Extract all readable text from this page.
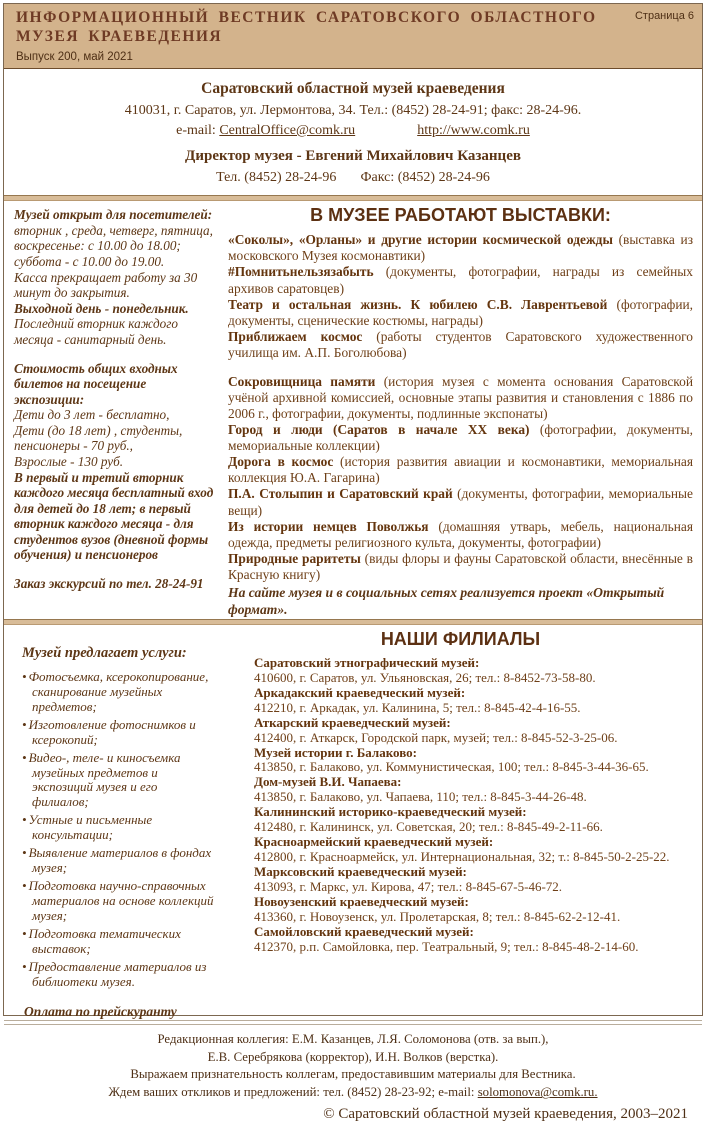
ИНФОРМАЦИОННЫЙ ВЕСТНИК САРАТОВСКОГО ОБЛАСТНОГО МУЗЕЯ КРАЕВЕДЕНИЯ
Страница 6
Выпуск 200, май 2021
Саратовский областной музей краеведения
410031, г. Саратов, ул. Лермонтова, 34. Тел.: (8452) 28-24-91; факс: 28-24-96.
e-mail: CentralOffice@comk.ru	http://www.comk.ru
Директор музея - Евгений Михайлович Казанцев
Тел. (8452) 28-24-96 Факс: (8452) 28-24-96

Музей открыт для посетителей:

вторник , среда, четверг, пятница, воскресенье: с 10.00 до 18.00; суббота - с 10.00 до 19.00.

Касса прекращает работу за 30 минут до закрытия.

Выходной день - понедельник.

Последний вторник каждого месяца - санитарный день.

Стоимость общих входных билетов на посещение экспозиции:

Дети до 3 лет - бесплатно,

Дети (до 18 лет) , студенты, пенсионеры - 70 руб.,

Взрослые - 130 руб.

В первый и третий вторник каждого месяца бесплатный вход для детей до 18 лет; в первый вторник каждого месяца - для студентов вузов (дневной формы обучения) и пенсионеров

Заказ экскурсий по тел. 28-24-91

В МУЗЕЕ РАБОТАЮТ ВЫСТАВКИ:

«Соколы», «Орланы» и другие истории космической одежды (выставка из московского Музея космонавтики)

#Помнитьнельзязабыть (документы, фотографии, награды из семейных архивов саратовцев)

Театр и остальная жизнь. К юбилею С.В. Лаврентьевой (фотографии, документы, сценические костюмы, награды)

Приближаем космос (работы студентов Саратовского художественного училища им. А.П. Боголюбова)

Сокровищница памяти (история музея с момента основания Саратовской учёной архивной комиссией, основные этапы развития и становления с 1886 по 2006 г., фотографии, документы, подлинные экспонаты)

Город и люди (Саратов в начале XX века) (фотографии, документы, мемориальные коллекции)

Дорога в космос (история развития авиации и космонавтики, мемориальная коллекция Ю.А. Гагарина)

П.А. Столыпин и Саратовский край (документы, фотографии, мемориальные вещи)

Из истории немцев Поволжья (домашняя утварь, мебель, национальная одежда, предметы религиозного культа, документы, фотографии)

Природные раритеты (виды флоры и фауны Саратовской области, внесённые в Красную книгу)

На сайте музея и в социальных сетях реализуется проект «Открытый формат».

Музей предлагает услуги:
• Фотосъемка, ксерокопирование, сканирование музейных предметов;
• Изготовление фотоснимков и ксерокопий;
• Видео-, теле- и киносъемка музейных предметов и экспозиций музея и его филиалов;
• Устные и письменные консультации;
• Выявление материалов в фондах музея;
• Подготовка научно-справочных материалов на основе коллекций музея;
• Подготовка тематических выставок;
• Предоставление материалов из библиотеки музея.
Оплата по прейскуранту
НАШИ ФИЛИАЛЫ
Саратовский этнографический музей:
410600, г. Саратов, ул. Ульяновская, 26; тел.: 8-8452-73-58-80.
Аркадакский краеведческий музей:
412210, г. Аркадак, ул. Калинина, 5; тел.: 8-845-42-4-16-55.
Аткарский краеведческий музей:
412400, г. Аткарск, Городской парк, музей; тел.: 8-845-52-3-25-06.
Музей истории г. Балаково:
413850, г. Балаково, ул. Коммунистическая, 100; тел.: 8-845-3-44-36-65.
Дом-музей В.И. Чапаева:
413850, г. Балаково, ул. Чапаева, 110; тел.: 8-845-3-44-26-48.
Калининский историко-краеведческий музей:
412480, г. Калининск, ул. Советская, 20; тел.: 8-845-49-2-11-66.
Красноармейский краеведческий музей:
412800, г. Красноармейск, ул. Интернациональная, 32; т.: 8-845-50-2-25-22.
Марксовский краеведческий музей:
413093, г. Маркс, ул. Кирова, 47; тел.: 8-845-67-5-46-72.
Новоузенский краеведческий музей:
413360, г. Новоузенск, ул. Пролетарская, 8; тел.: 8-845-62-2-12-41.
Самойловский краеведческий музей:
412370, р.п. Самойловка, пер. Театральный, 9; тел.: 8-845-48-2-14-60.

Редакционная коллегия: Е.М. Казанцев, Л.Я. Соломонова (отв. за вып.),

Е.В. Серебрякова (корректор), И.Н. Волков (верстка).

Выражаем признательность коллегам, предоставившим материалы для Вестника.

Ждем ваших откликов и предложений: тел. (8452) 28-23-92; e-mail: solomonova@comk.ru.

© Саратовский областной музей краеведения, 2003–2021
